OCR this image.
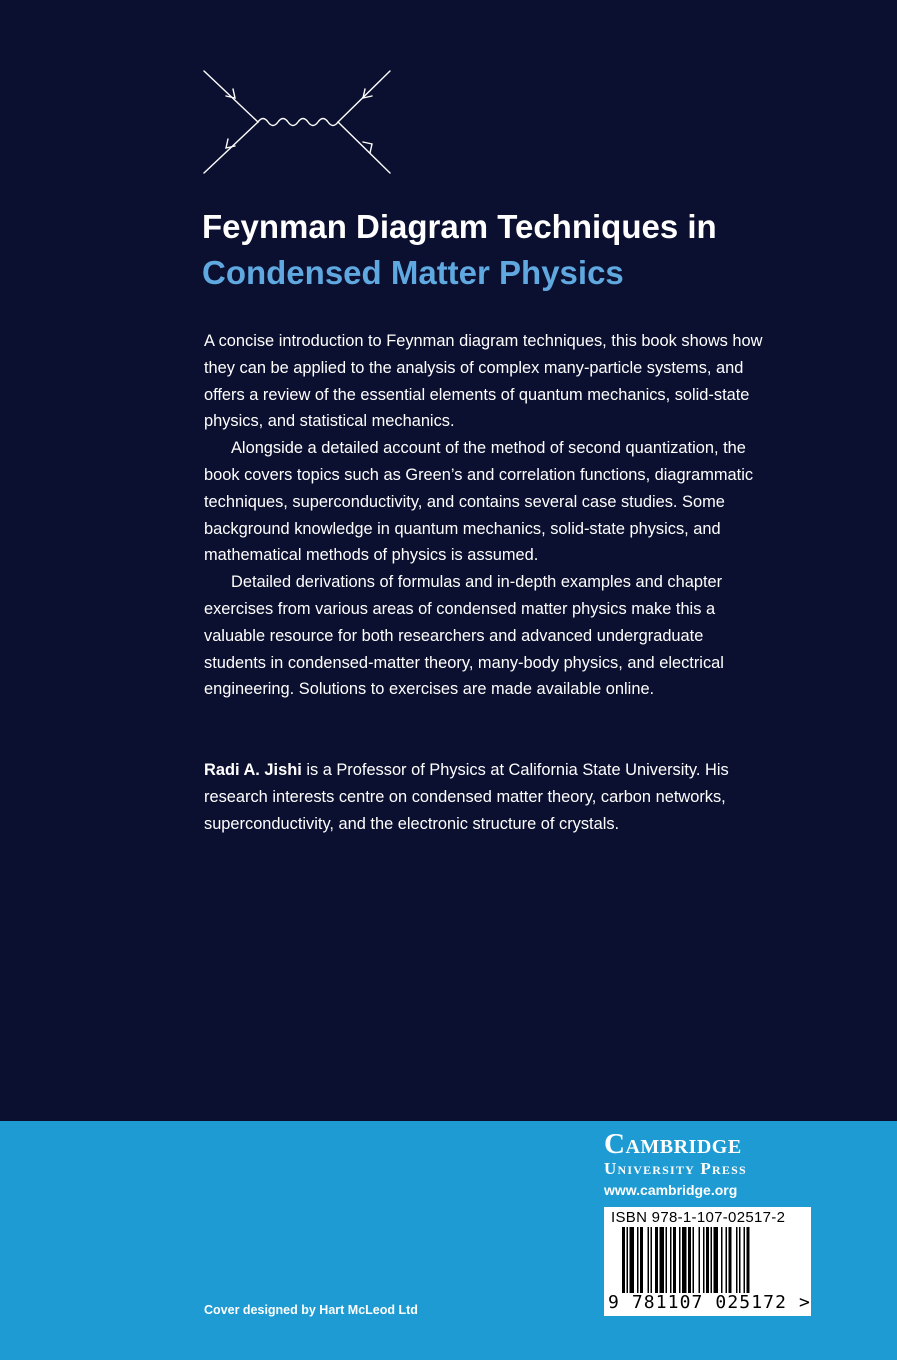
Feynman Diagram Techniques in
Condensed Matter Physics

A concise introduction to Feynman diagram techniques, this book shows how they can be applied to the analysis of complex many-particle systems, and offers a review of the essential elements of quantum mechanics, solid-state physics, and statistical mechanics.

Alongside a detailed account of the method of second quantization, the book covers topics such as Green’s and correlation functions, diagrammatic techniques, superconductivity, and contains several case studies. Some background knowledge in quantum mechanics, solid-state physics, and mathematical methods of physics is assumed.

Detailed derivations of formulas and in-depth examples and chapter exercises from various areas of condensed matter physics make this a valuable resource for both researchers and advanced undergraduate students in condensed-matter theory, many-body physics, and electrical engineering. Solutions to exercises are made available online.

Radi A. Jishi is a Professor of Physics at California State University. His research interests centre on condensed matter theory, carbon networks, superconductivity, and the electronic structure of crystals.

Cambridge
University Press
www.cambridge.org
ISBN 978-1-107-02517-2
9 781107 025172 >
Cover designed by Hart McLeod Ltd
